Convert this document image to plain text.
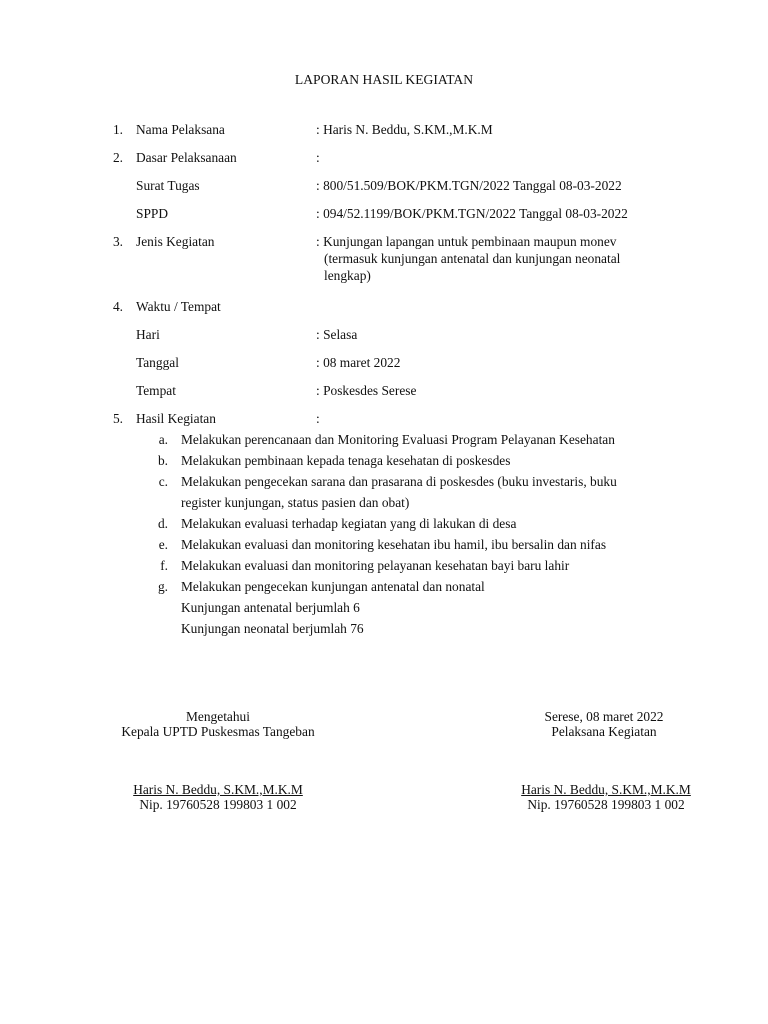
LAPORAN HASIL KEGIATAN
1. Nama Pelaksana	: Haris N. Beddu, S.KM.,M.K.M
2. Dasar Pelaksanaan	:
Surat Tugas	: 800/51.509/BOK/PKM.TGN/2022 Tanggal 08-03-2022
SPPD	: 094/52.1199/BOK/PKM.TGN/2022 Tanggal 08-03-2022
3. Jenis Kegiatan	: Kunjungan lapangan untuk pembinaan maupun monev
(termasuk kunjungan antenatal dan kunjungan neonatal
lengkap)
4. Waktu / Tempat
Hari	: Selasa
Tanggal	: 08 maret 2022
Tempat	: Poskesdes Serese
5. Hasil Kegiatan	:
a. Melakukan perencanaan dan Monitoring Evaluasi Program Pelayanan Kesehatan
b. Melakukan pembinaan kepada tenaga kesehatan di poskesdes
c. Melakukan pengecekan sarana dan prasarana di poskesdes (buku investaris, buku
register kunjungan, status pasien dan obat)
d. Melakukan evaluasi terhadap kegiatan yang di lakukan di desa
e. Melakukan evaluasi dan monitoring kesehatan ibu hamil, ibu bersalin dan nifas
f. Melakukan evaluasi dan monitoring pelayanan kesehatan bayi baru lahir
g. Melakukan pengecekan kunjungan antenatal dan nonatal
Kunjungan antenatal berjumlah 6
Kunjungan neonatal berjumlah 76
Mengetahui
Kepala UPTD Puskesmas Tangeban
Haris N. Beddu, S.KM.,M.K.M
Nip. 19760528 199803 1 002
Serese, 08 maret 2022
Pelaksana Kegiatan
Haris N. Beddu, S.KM.,M.K.M
Nip. 19760528 199803 1 002
